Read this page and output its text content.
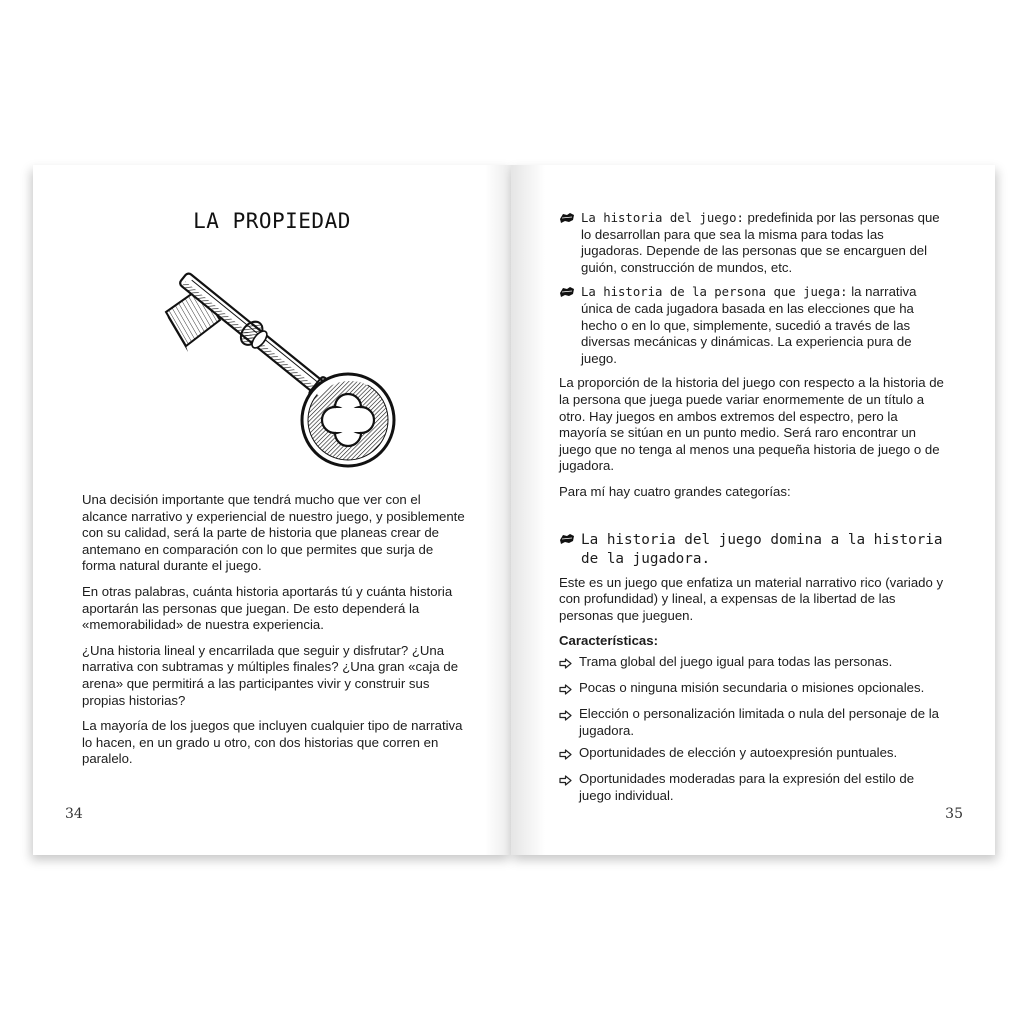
LA PROPIEDAD

Una decisión importante que tendrá mucho que ver con el alcance narrativo y experiencial de nuestro juego, y posiblemente con su calidad, será la parte de historia que planeas crear de antemano en comparación con lo que permites que surja de forma natural durante el juego.

En otras palabras, cuánta historia aportarás tú y cuánta historia aportarán las personas que juegan. De esto dependerá la «memorabilidad» de nuestra experiencia.

¿Una historia lineal y encarrilada que seguir y disfrutar? ¿Una narrativa con subtramas y múltiples finales? ¿Una gran «caja de arena» que permitirá a las participantes vivir y construir sus propias historias?

La mayoría de los juegos que incluyen cualquier tipo de narrativa lo hacen, en un grado u otro, con dos historias que corren en paralelo.

34
La historia del juego: predefinida por las personas que lo desarrollan para que sea la misma para todas las jugadoras. Depende de las personas que se encarguen del guión, construcción de mundos, etc.
La historia de la persona que juega: la narrativa única de cada jugadora basada en las elecciones que ha hecho o en lo que, simplemente, sucedió a través de las diversas mecánicas y dinámicas. La experiencia pura de juego.

La proporción de la historia del juego con respecto a la historia de la persona que juega puede variar enormemente de un título a otro. Hay juegos en ambos extremos del espectro, pero la mayoría se sitúan en un punto medio. Será raro encontrar un juego que no tenga al menos una pequeña historia de juego o de jugadora.

Para mí hay cuatro grandes categorías:

La historia del juego domina a la historia de la jugadora.

Este es un juego que enfatiza un material narrativo rico (variado y con profundidad) y lineal, a expensas de la libertad de las personas que jueguen.

Características:
Trama global del juego igual para todas las personas.
Pocas o ninguna misión secundaria o misiones opcionales.
Elección o personalización limitada o nula del personaje de la jugadora.
Oportunidades de elección y autoexpresión puntuales.
Oportunidades moderadas para la expresión del estilo de juego individual.
35
